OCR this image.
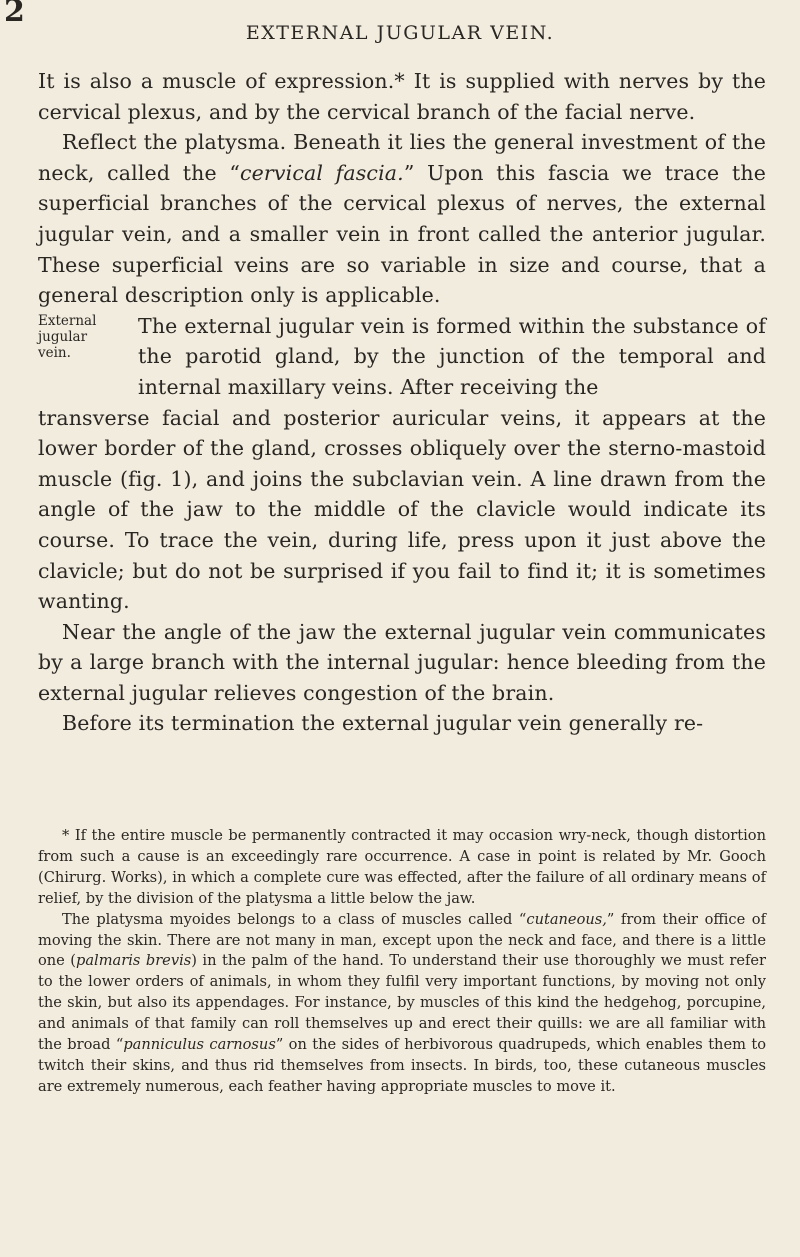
2
EXTERNAL JUGULAR VEIN.

It is also a muscle of expression.* It is supplied with nerves by the cervical plexus, and by the cervical branch of the facial nerve.

Reflect the platysma. Beneath it lies the general investment of the neck, called the “cervical fascia.” Upon this fascia we trace the superficial branches of the cervical plexus of nerves, the external jugular vein, and a smaller vein in front called the anterior jugular. These superficial veins are so variable in size and course, that a general description only is applicable.

External jugular vein.

The external jugular vein is formed within the substance of the parotid gland, by the junction of the temporal and internal maxillary veins. After receiving the

transverse facial and posterior auricular veins, it appears at the lower border of the gland, crosses obliquely over the sterno-mastoid muscle (fig. 1), and joins the subclavian vein. A line drawn from the angle of the jaw to the middle of the clavicle would indicate its course. To trace the vein, during life, press upon it just above the clavicle; but do not be surprised if you fail to find it; it is sometimes wanting.

Near the angle of the jaw the external jugular vein communicates by a large branch with the internal jugular: hence bleeding from the external jugular relieves congestion of the brain.

Before its termination the external jugular vein generally re-

* If the entire muscle be permanently contracted it may occasion wry-neck, though distortion from such a cause is an exceedingly rare occurrence. A case in point is related by Mr. Gooch (Chirurg. Works), in which a complete cure was effected, after the failure of all ordinary means of relief, by the division of the platysma a little below the jaw.

The platysma myoides belongs to a class of muscles called “cutaneous,” from their office of moving the skin. There are not many in man, except upon the neck and face, and there is a little one (palmaris brevis) in the palm of the hand. To understand their use thoroughly we must refer to the lower orders of animals, in whom they fulfil very important functions, by moving not only the skin, but also its appendages. For instance, by muscles of this kind the hedgehog, porcupine, and animals of that family can roll themselves up and erect their quills: we are all familiar with the broad “panniculus carnosus” on the sides of herbivorous quadrupeds, which enables them to twitch their skins, and thus rid themselves from insects. In birds, too, these cutaneous muscles are extremely numerous, each feather having appropriate muscles to move it.
